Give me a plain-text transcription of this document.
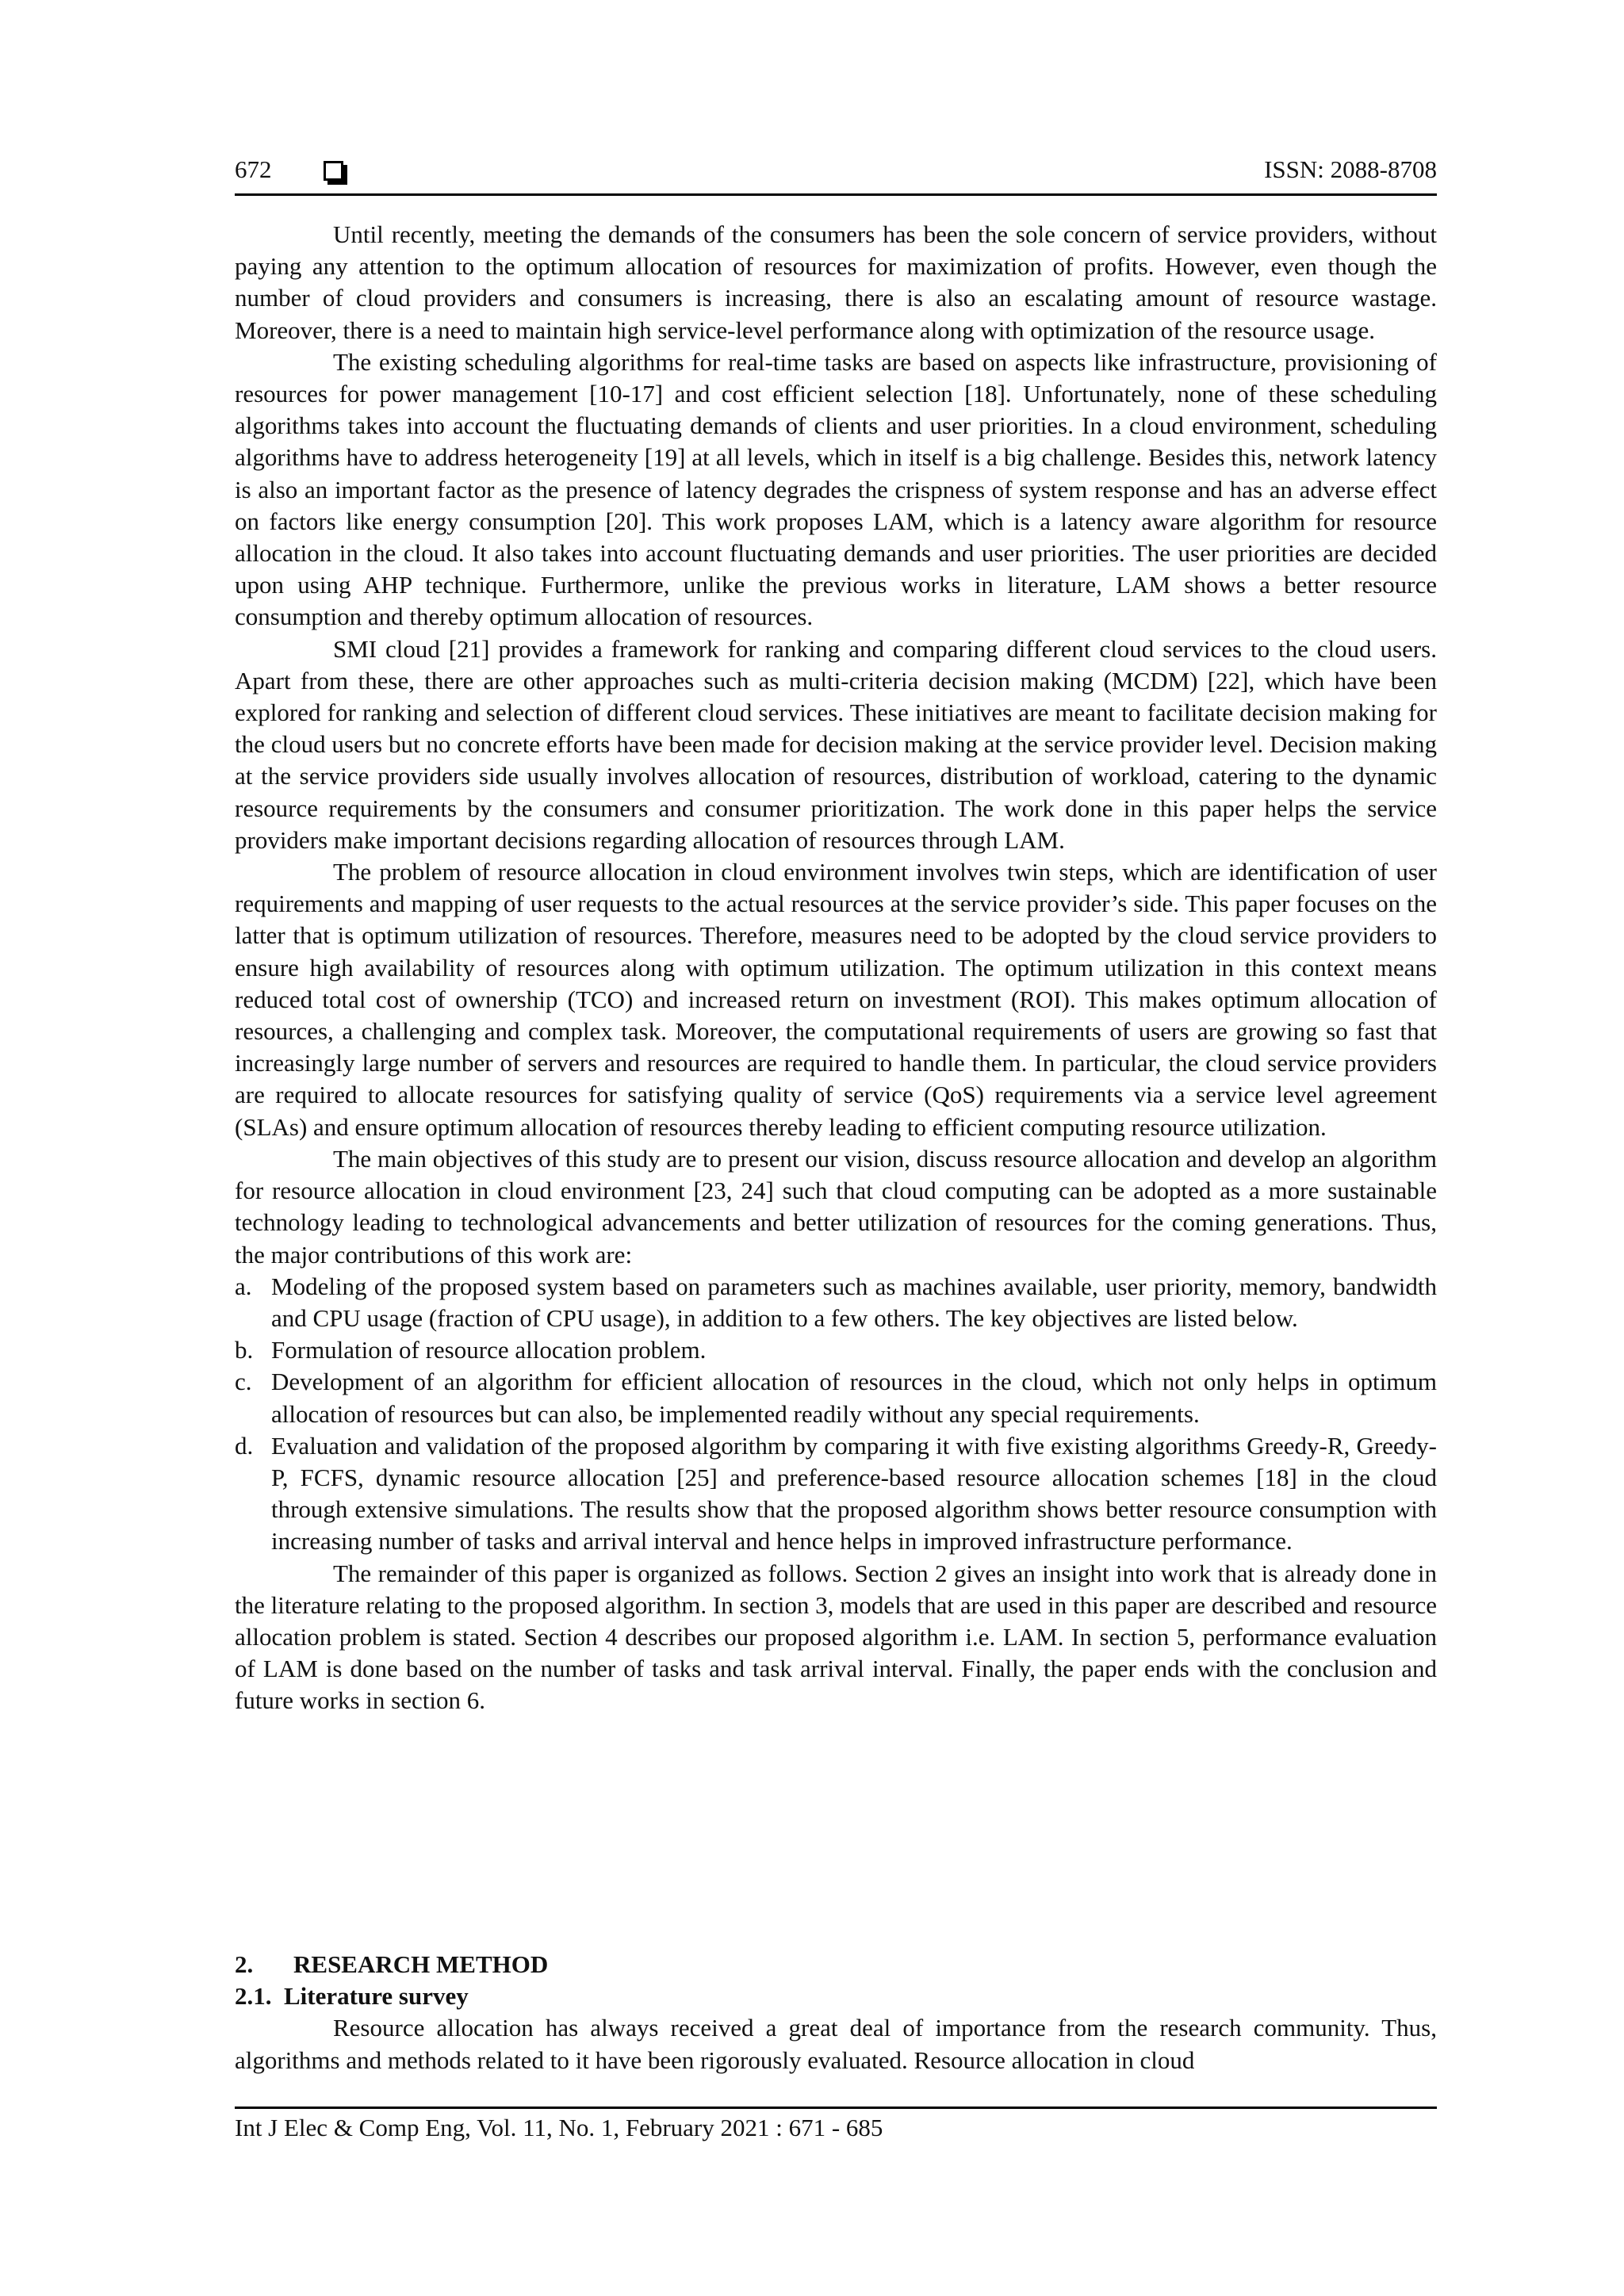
672	ISSN: 2088-8708

Until recently, meeting the demands of the consumers has been the sole concern of service providers, without paying any attention to the optimum allocation of resources for maximization of profits. However, even though the number of cloud providers and consumers is increasing, there is also an escalating amount of resource wastage. Moreover, there is a need to maintain high service-level performance along with optimization of the resource usage.

The existing scheduling algorithms for real-time tasks are based on aspects like infrastructure, provisioning of resources for power management [10-17] and cost efficient selection [18]. Unfortunately, none of these scheduling algorithms takes into account the fluctuating demands of clients and user priorities. In a cloud environment, scheduling algorithms have to address heterogeneity [19] at all levels, which in itself is a big challenge. Besides this, network latency is also an important factor as the presence of latency degrades the crispness of system response and has an adverse effect on factors like energy consumption [20]. This work proposes LAM, which is a latency aware algorithm for resource allocation in the cloud. It also takes into account fluctuating demands and user priorities. The user priorities are decided upon using AHP technique. Furthermore, unlike the previous works in literature, LAM shows a better resource consumption and thereby optimum allocation of resources.

SMI cloud [21] provides a framework for ranking and comparing different cloud services to the cloud users. Apart from these, there are other approaches such as multi-criteria decision making (MCDM) [22], which have been explored for ranking and selection of different cloud services. These initiatives are meant to facilitate decision making for the cloud users but no concrete efforts have been made for decision making at the service provider level. Decision making at the service providers side usually involves allocation of resources, distribution of workload, catering to the dynamic resource requirements by the consumers and consumer prioritization. The work done in this paper helps the service providers make important decisions regarding allocation of resources through LAM.

The problem of resource allocation in cloud environment involves twin steps, which are identification of user requirements and mapping of user requests to the actual resources at the service provider’s side. This paper focuses on the latter that is optimum utilization of resources. Therefore, measures need to be adopted by the cloud service providers to ensure high availability of resources along with optimum utilization. The optimum utilization in this context means reduced total cost of ownership (TCO) and increased return on investment (ROI). This makes optimum allocation of resources, a challenging and complex task. Moreover, the computational requirements of users are growing so fast that increasingly large number of servers and resources are required to handle them. In particular, the cloud service providers are required to allocate resources for satisfying quality of service (QoS) requirements via a service level agreement (SLAs) and ensure optimum allocation of resources thereby leading to efficient computing resource utilization.

The main objectives of this study are to present our vision, discuss resource allocation and develop an algorithm for resource allocation in cloud environment [23, 24] such that cloud computing can be adopted as a more sustainable technology leading to technological advancements and better utilization of resources for the coming generations. Thus, the major contributions of this work are:

a. Modeling of the proposed system based on parameters such as machines available, user priority, memory, bandwidth and CPU usage (fraction of CPU usage), in addition to a few others. The key objectives are listed below.
b. Formulation of resource allocation problem.
c. Development of an algorithm for efficient allocation of resources in the cloud, which not only helps in optimum allocation of resources but can also, be implemented readily without any special requirements.
d. Evaluation and validation of the proposed algorithm by comparing it with five existing algorithms Greedy-R, Greedy-P, FCFS, dynamic resource allocation [25] and preference-based resource allocation schemes [18] in the cloud through extensive simulations. The results show that the proposed algorithm shows better resource consumption with increasing number of tasks and arrival interval and hence helps in improved infrastructure performance.

The remainder of this paper is organized as follows. Section 2 gives an insight into work that is already done in the literature relating to the proposed algorithm. In section 3, models that are used in this paper are described and resource allocation problem is stated. Section 4 describes our proposed algorithm i.e. LAM. In section 5, performance evaluation of LAM is done based on the number of tasks and task arrival interval. Finally, the paper ends with the conclusion and future works in section 6.

2. RESEARCH METHOD
2.1. Literature survey

Resource allocation has always received a great deal of importance from the research community. Thus, algorithms and methods related to it have been rigorously evaluated. Resource allocation in cloud

Int J Elec & Comp Eng, Vol. 11, No. 1, February 2021 : 671 - 685
